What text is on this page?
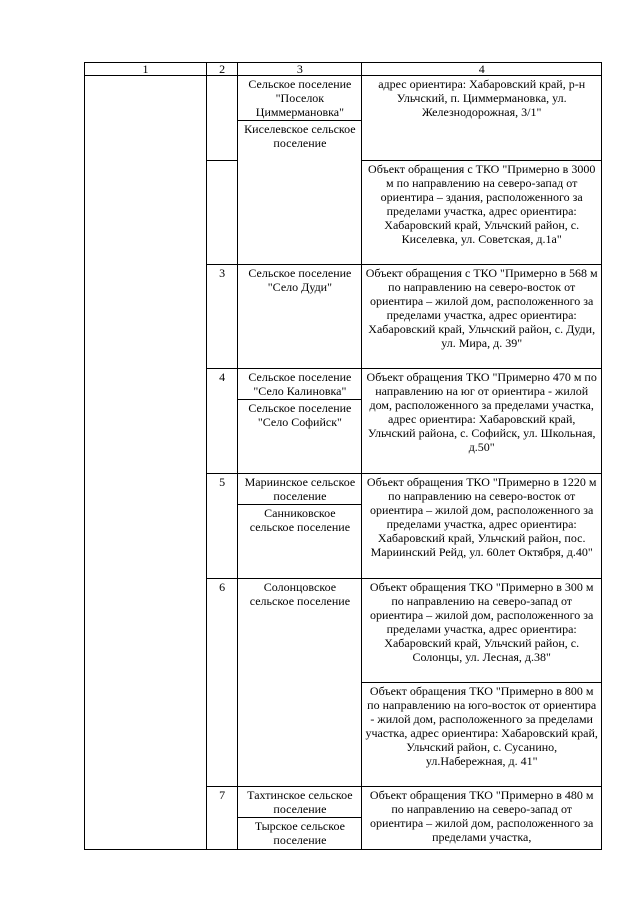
1	2	3	4
		Сельское поселение "Поселок Циммермановка"	адрес ориентира: Хабаровский край, р-н Ульчский, п. Циммермановка, ул. Железнодорожная, 3/1"
		Киселевское сельское поселение	
			Объект обращения с ТКО "Примерно в 3000 м по направлению на северо-запад от ориентира – здания, расположенного за пределами участка, адрес ориентира: Хабаровский край, Ульчский район, с. Киселевка, ул. Советская, д.1а"
	3	Сельское поселение "Село Дуди"	Объект обращения с ТКО "Примерно в 568 м по направлению на северо-восток от ориентира – жилой дом, расположенного за пределами участка, адрес ориентира: Хабаровский край, Ульчский район, с. Дуди, ул. Мира, д. 39"
	4	Сельское поселение "Село Калиновка"	Объект обращения ТКО "Примерно 470 м по направлению на юг от ориентира - жилой дом, расположенного за пределами участка, адрес ориентира: Хабаровский край, Ульчский района, с. Софийск, ул. Школьная, д.50"
		Сельское поселение "Село Софийск"	
	5	Мариинское сельское поселение	Объект обращения ТКО "Примерно в 1220 м по направлению на северо-восток от ориентира – жилой дом, расположенного за пределами участка, адрес ориентира: Хабаровский край, Ульчский район, пос. Мариинский Рейд, ул. 60лет Октября, д.40"
		Санниковское сельское поселение	
	6	Солонцовское сельское поселение	Объект обращения ТКО "Примерно в 300 м по направлению на северо-запад от ориентира – жилой дом, расположенного за пределами участка, адрес ориентира: Хабаровский край, Ульчский район, с. Солонцы, ул. Лесная, д.38"
			Объект обращения ТКО "Примерно в 800 м по направлению на юго-восток от ориентира - жилой дом, расположенного за пределами участка, адрес ориентира: Хабаровский край, Ульчский район, с. Сусанино, ул.Набережная, д. 41"
	7	Тахтинское сельское поселение	Объект обращения ТКО "Примерно в 480 м по направлению на северо-запад от ориентира – жилой дом, расположенного за пределами участка,
		Тырское сельское поселение	
